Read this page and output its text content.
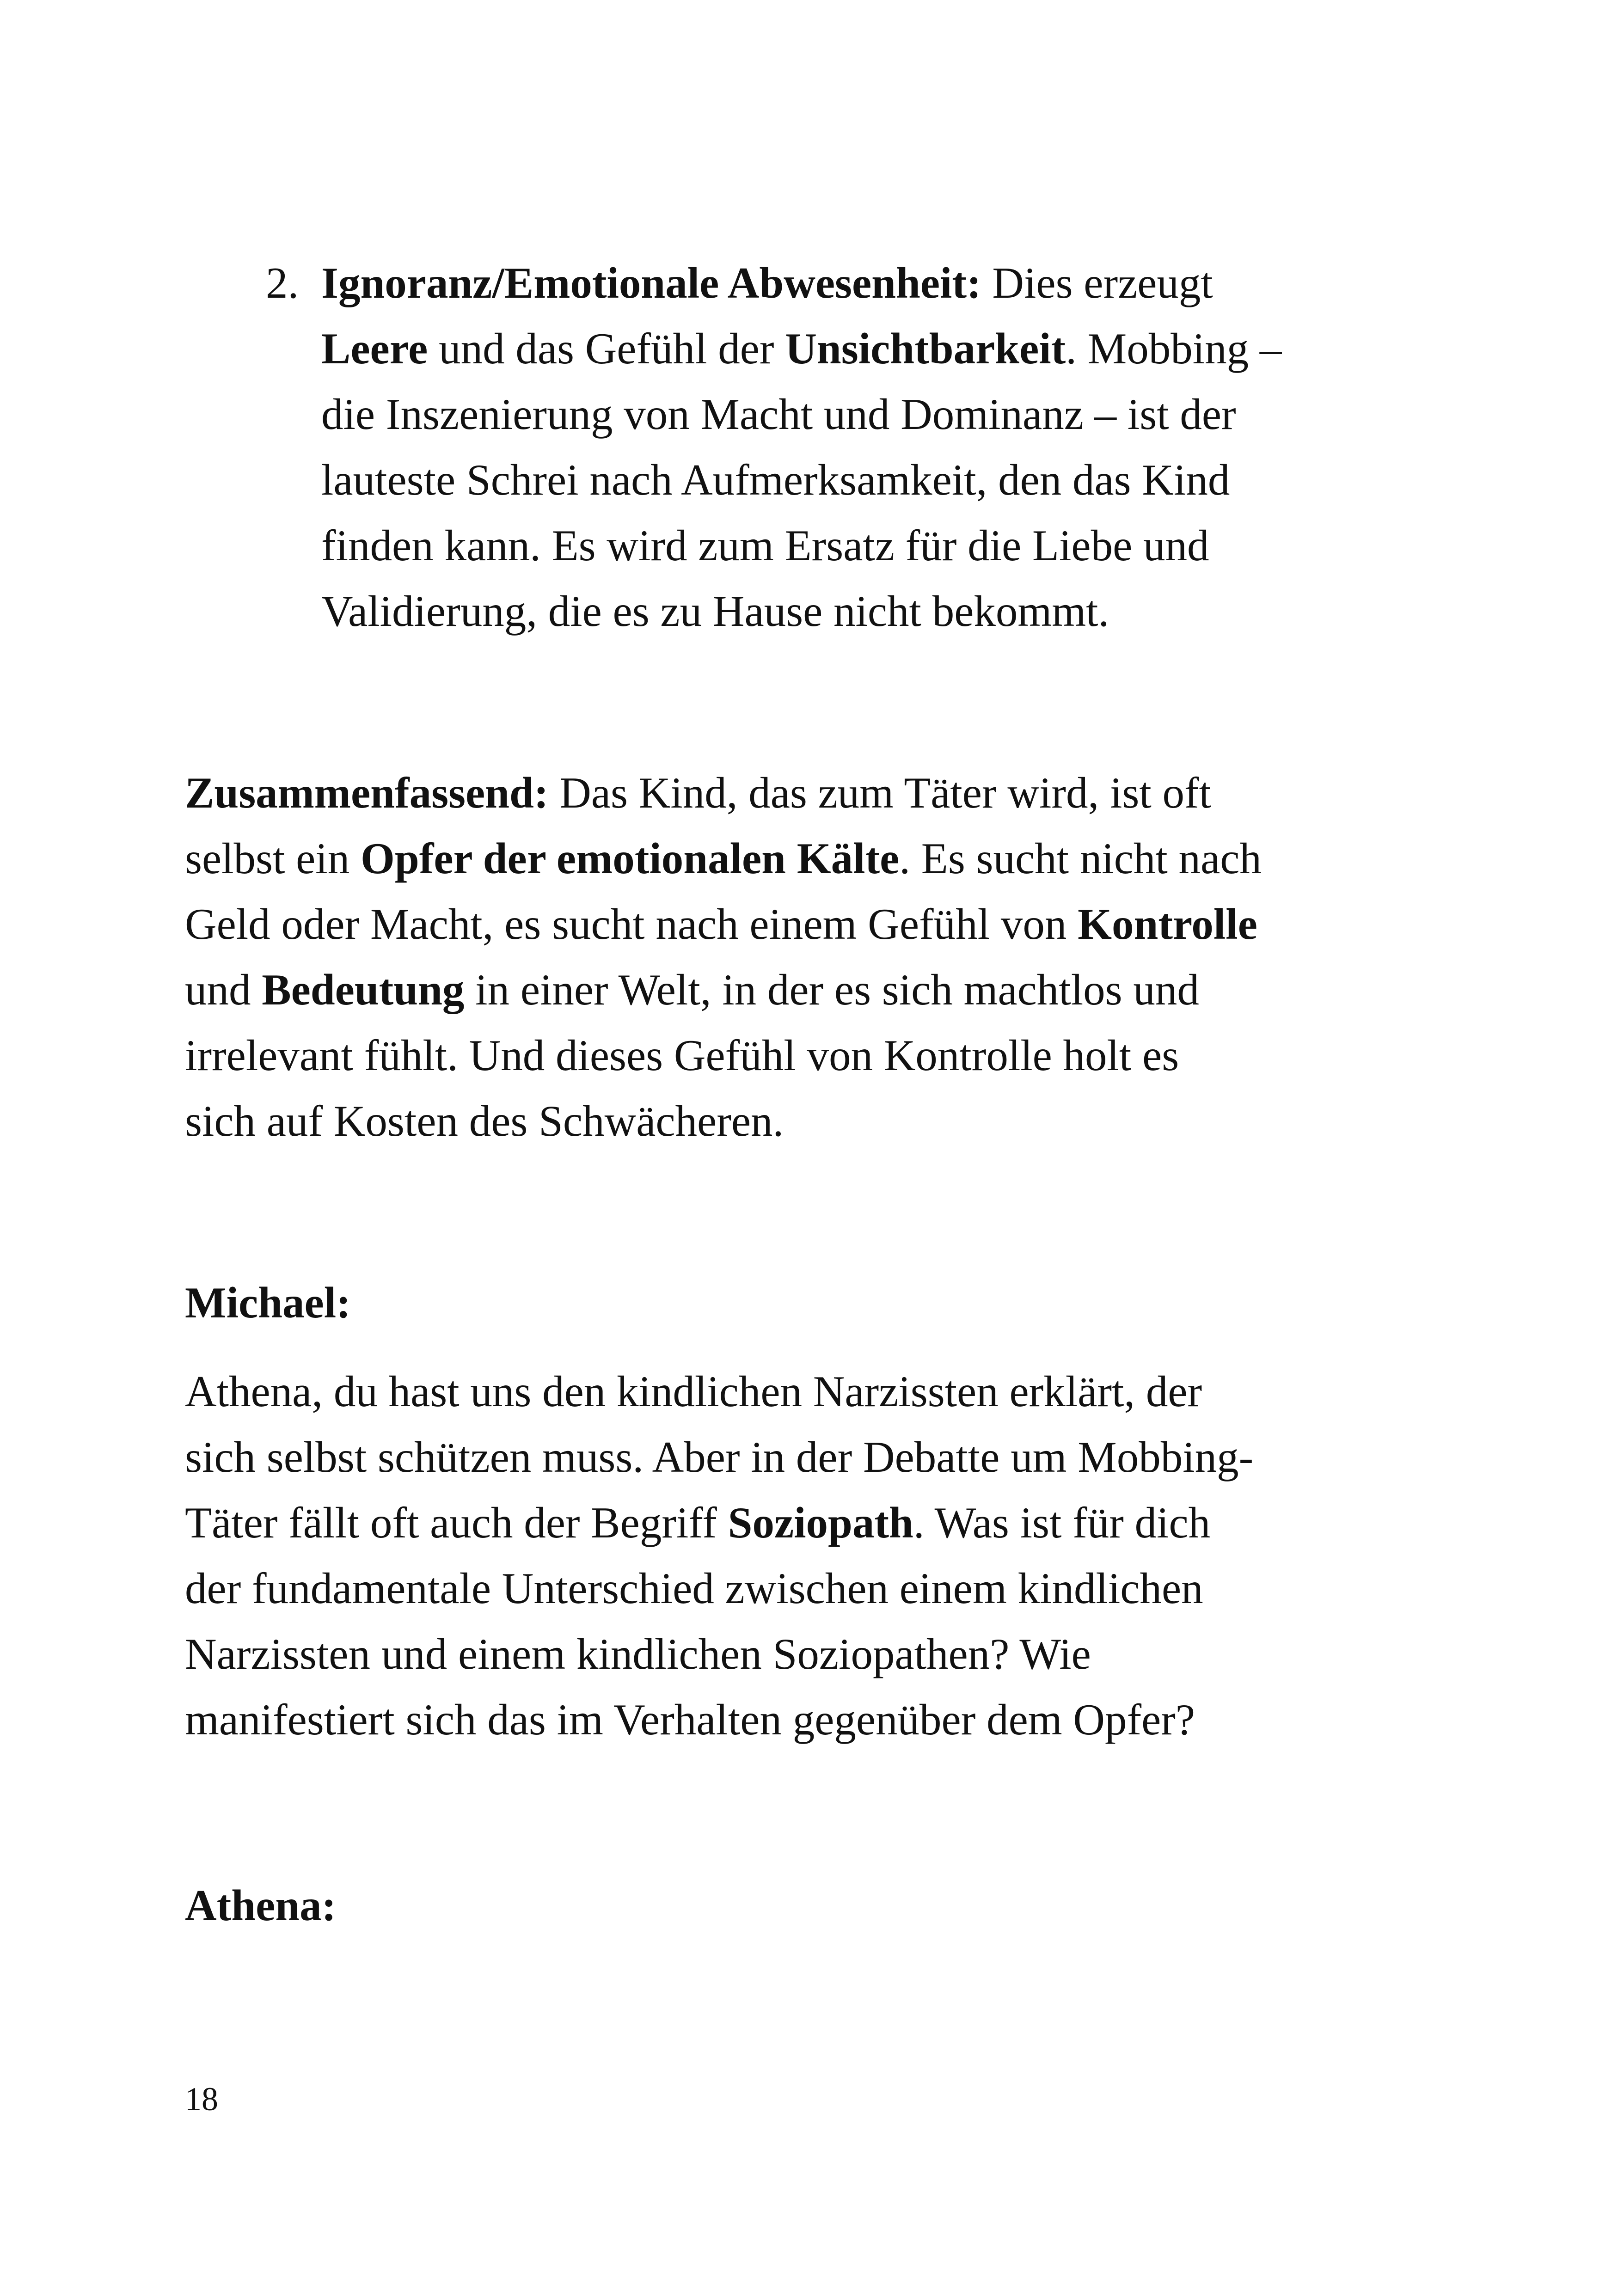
2. Ignoranz/Emotionale Abwesenheit: Dies erzeugt
Leere und das Gefühl der Unsichtbarkeit. Mobbing –
die Inszenierung von Macht und Dominanz – ist der
lauteste Schrei nach Aufmerksamkeit, den das Kind
finden kann. Es wird zum Ersatz für die Liebe und
Validierung, die es zu Hause nicht bekommt.
Zusammenfassend: Das Kind, das zum Täter wird, ist oft
selbst ein Opfer der emotionalen Kälte. Es sucht nicht nach
Geld oder Macht, es sucht nach einem Gefühl von Kontrolle
und Bedeutung in einer Welt, in der es sich machtlos und
irrelevant fühlt. Und dieses Gefühl von Kontrolle holt es
sich auf Kosten des Schwächeren.
Michael:
Athena, du hast uns den kindlichen Narzissten erklärt, der
sich selbst schützen muss. Aber in der Debatte um Mobbing-
Täter fällt oft auch der Begriff Soziopath. Was ist für dich
der fundamentale Unterschied zwischen einem kindlichen
Narzissten und einem kindlichen Soziopathen? Wie
manifestiert sich das im Verhalten gegenüber dem Opfer?
Athena:
18
